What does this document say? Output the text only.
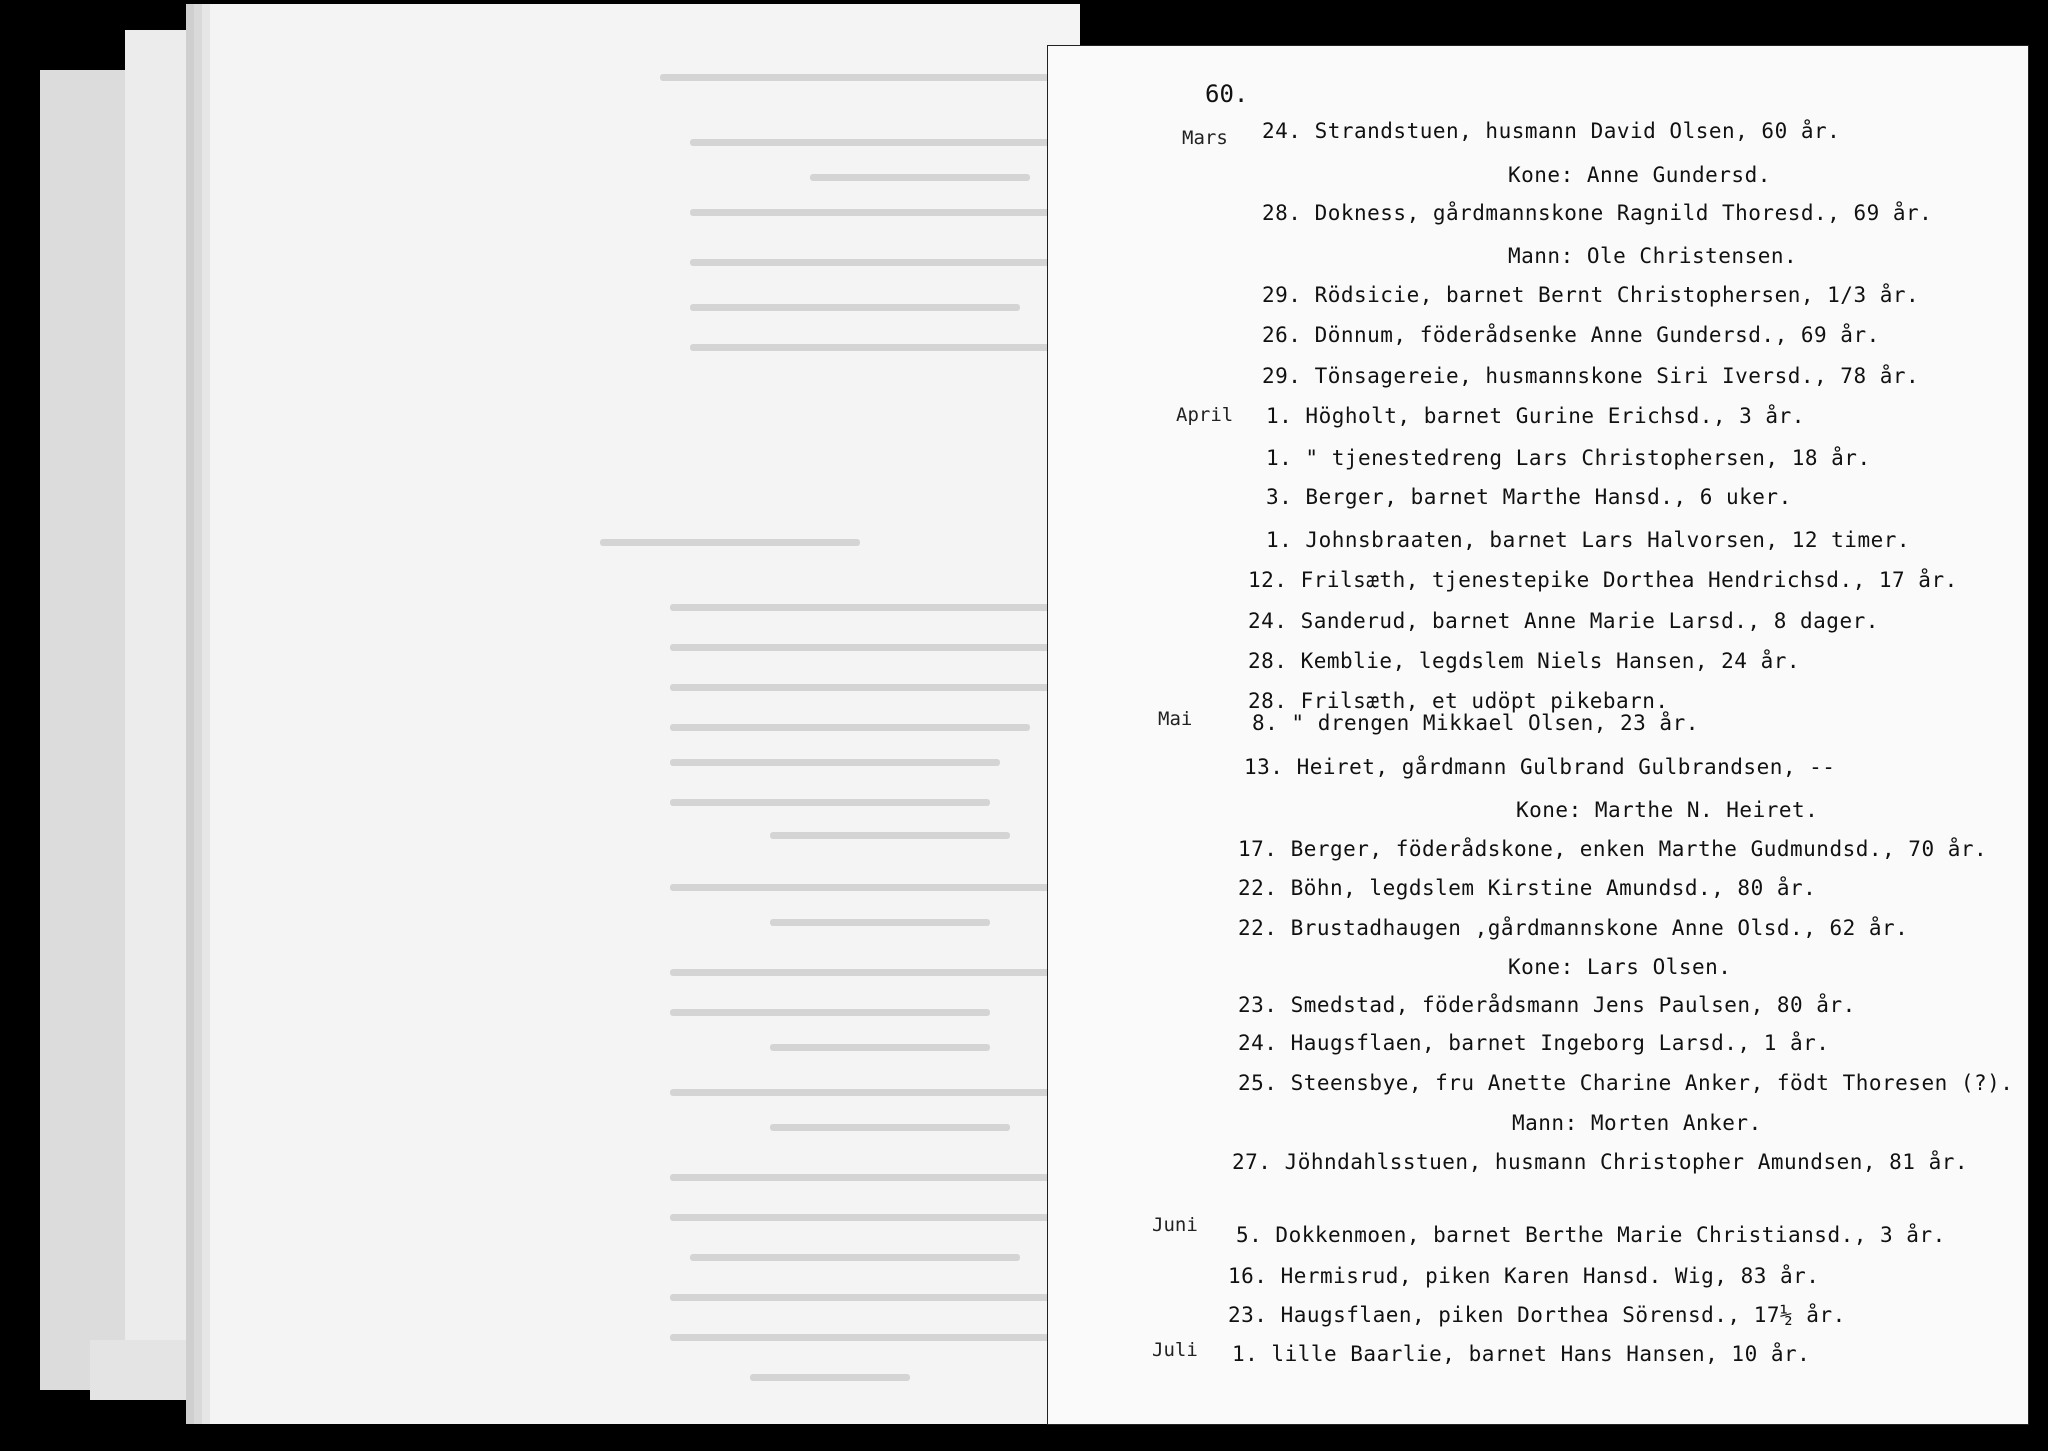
60.
Mars
April
Mai
Juni
Juli
24. Strandstuen, husmann David Olsen, 60 år.
Kone: Anne Gundersd.
28. Dokness, gårdmannskone Ragnild Thoresd., 69 år.
Mann: Ole Christensen.
29. Rödsicie, barnet Bernt Christophersen, 1/3 år.
26. Dönnum, föderådsenke Anne Gundersd., 69 år.
29. Tönsagereie, husmannskone Siri Iversd., 78 år.
1. Högholt, barnet Gurine Erichsd., 3 år.
1. " tjenestedreng Lars Christophersen, 18 år.
3. Berger, barnet Marthe Hansd., 6 uker.
1. Johnsbraaten, barnet Lars Halvorsen, 12 timer.
12. Frilsæth, tjenestepike Dorthea Hendrichsd., 17 år.
24. Sanderud, barnet Anne Marie Larsd., 8 dager.
28. Kemblie, legdslem Niels Hansen, 24 år.
28. Frilsæth, et udöpt pikebarn.
8. " drengen Mikkael Olsen, 23 år.
13. Heiret, gårdmann Gulbrand Gulbrandsen, --
Kone: Marthe N. Heiret.
17. Berger, föderådskone, enken Marthe Gudmundsd., 70 år.
22. Böhn, legdslem Kirstine Amundsd., 80 år.
22. Brustadhaugen ,gårdmannskone Anne Olsd., 62 år.
Kone: Lars Olsen.
23. Smedstad, föderådsmann Jens Paulsen, 80 år.
24. Haugsflaen, barnet Ingeborg Larsd., 1 år.
25. Steensbye, fru Anette Charine Anker, födt Thoresen (?).
Mann: Morten Anker.
27. Jöhndahlsstuen, husmann Christopher Amundsen, 81 år.
5. Dokkenmoen, barnet Berthe Marie Christiansd., 3 år.
16. Hermisrud, piken Karen Hansd. Wig, 83 år.
23. Haugsflaen, piken Dorthea Sörensd., 17½ år.
1. lille Baarlie, barnet Hans Hansen, 10 år.
